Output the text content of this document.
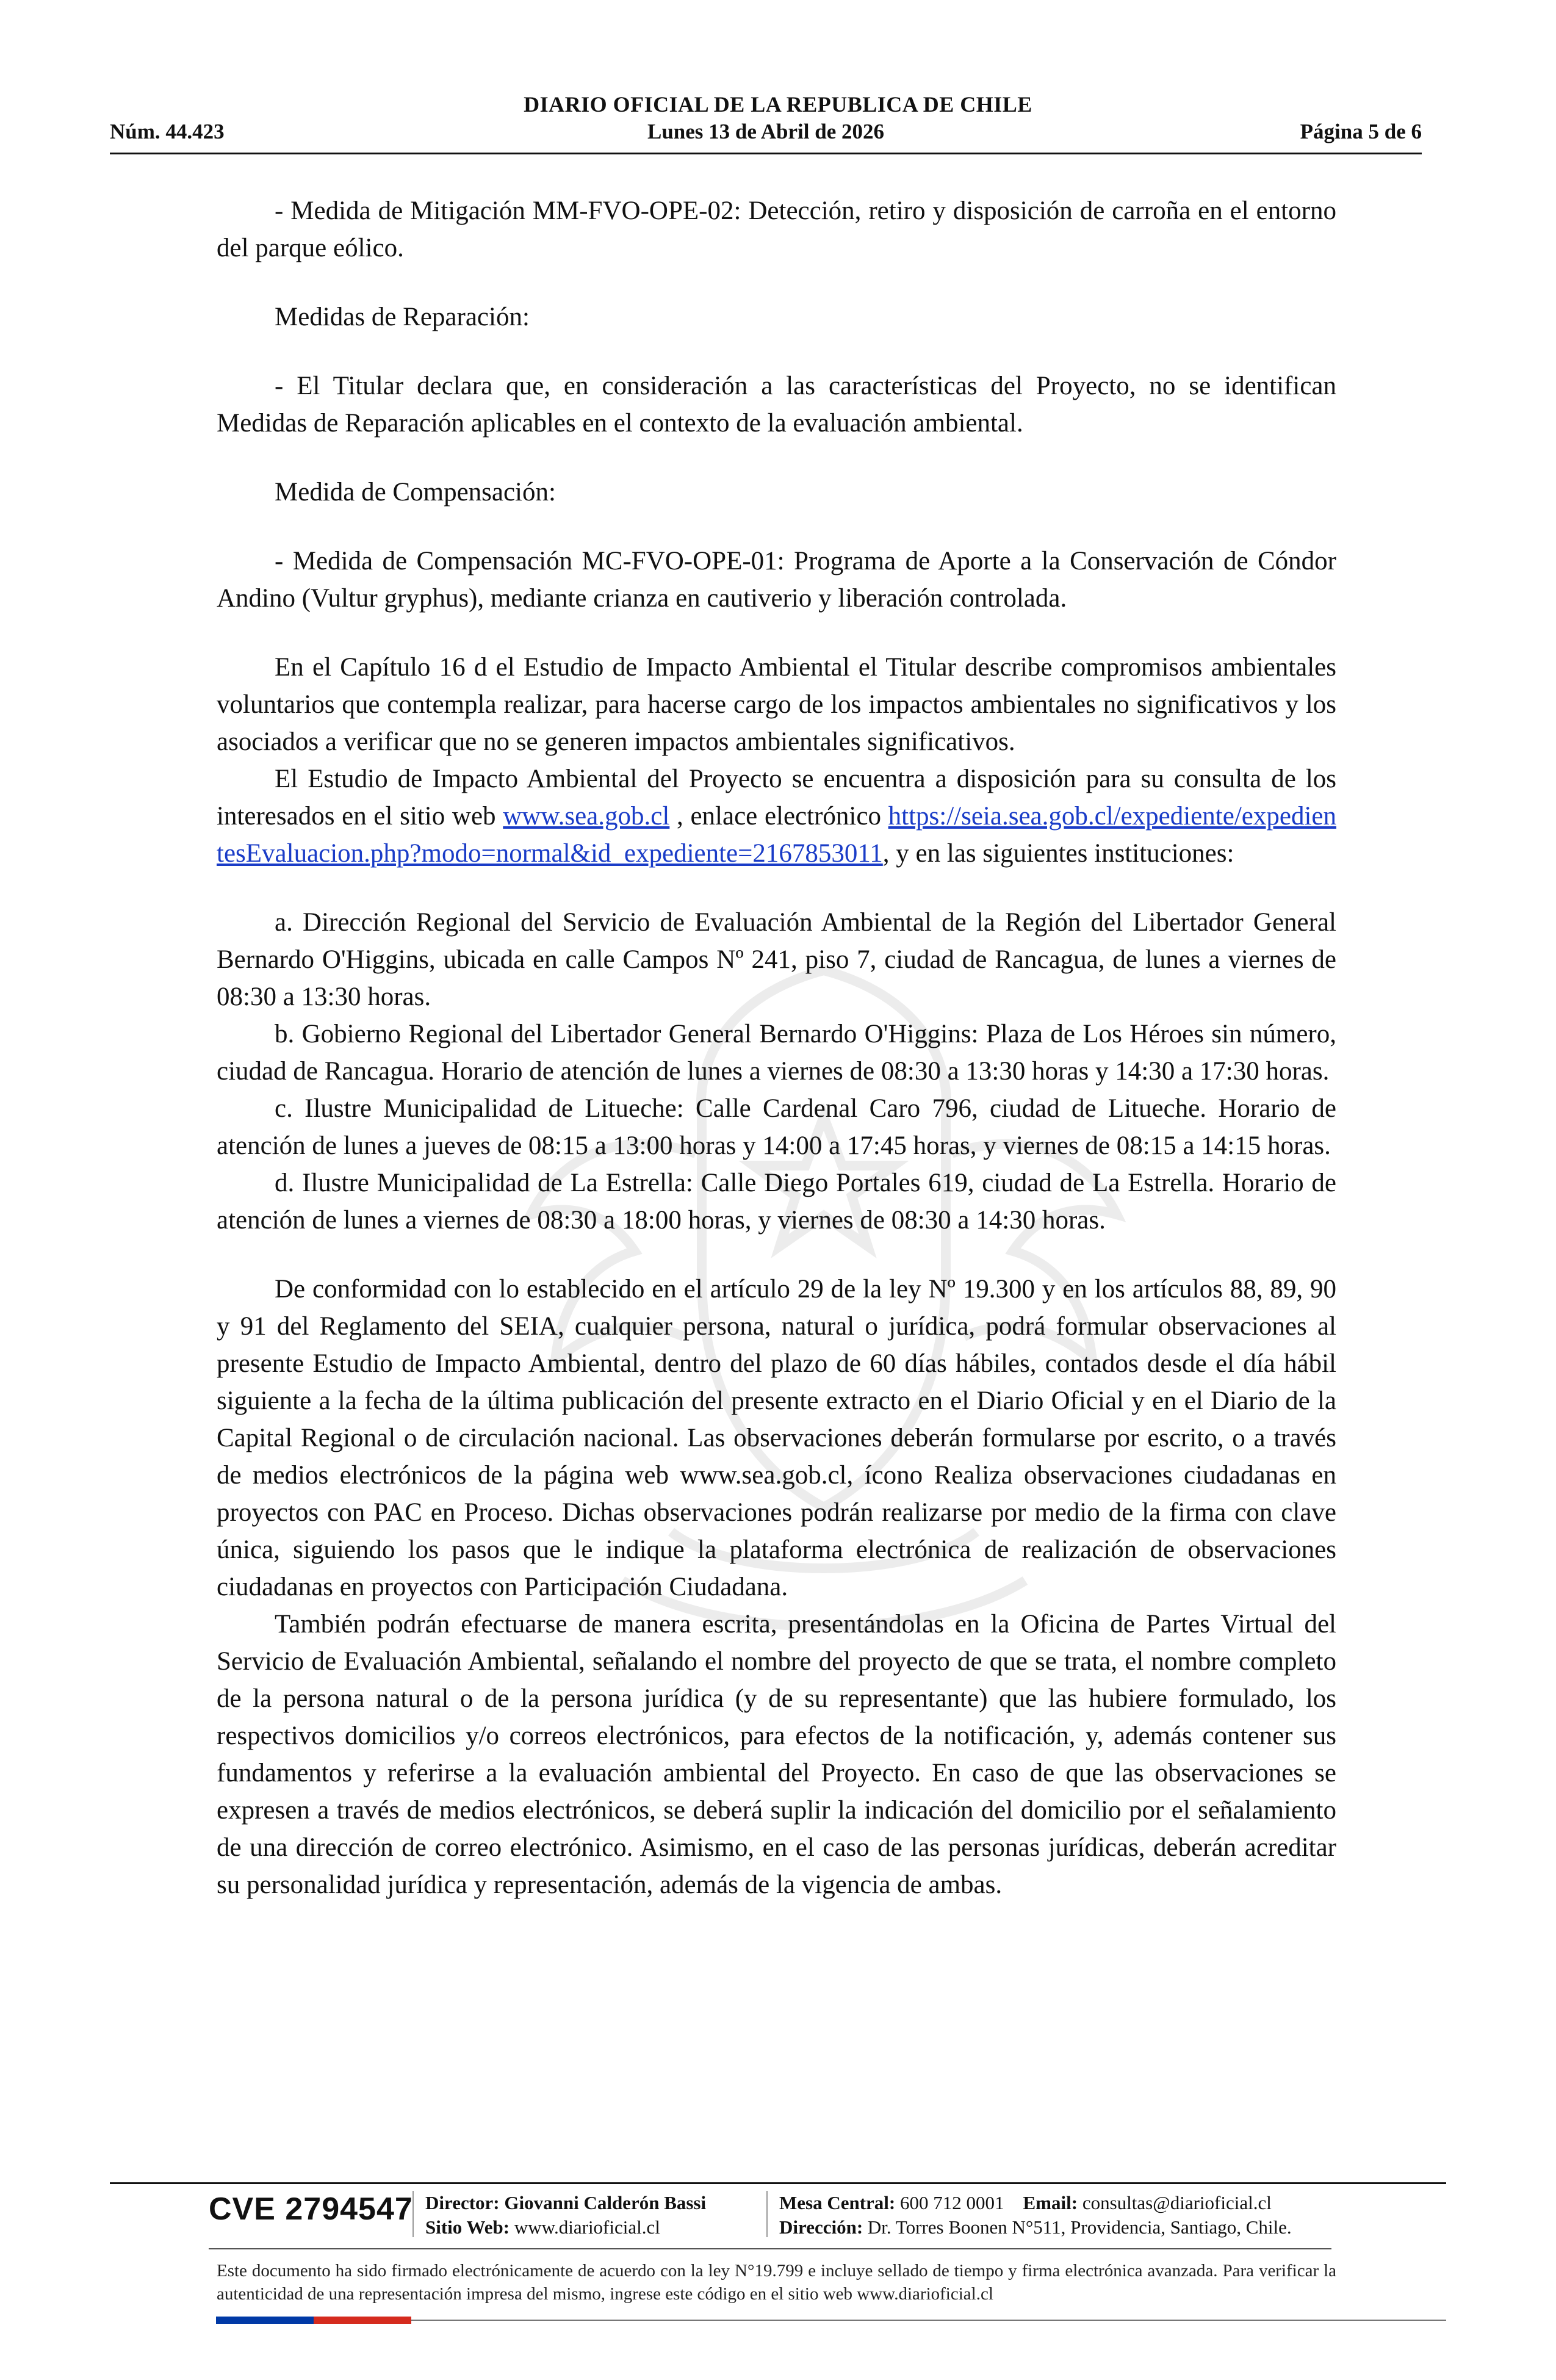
DIARIO OFICIAL DE LA REPUBLICA DE CHILE
Núm. 44.423	Lunes 13 de Abril de 2026	Página 5 de 6

- Medida de Mitigación MM-FVO-OPE-02: Detección, retiro y disposición de carroña en el entorno del parque eólico.

Medidas de Reparación:

- El Titular declara que, en consideración a las características del Proyecto, no se identifican Medidas de Reparación aplicables en el contexto de la evaluación ambiental.

Medida de Compensación:

- Medida de Compensación MC-FVO-OPE-01: Programa de Aporte a la Conservación de Cóndor Andino (Vultur gryphus), mediante crianza en cautiverio y liberación controlada.

En el Capítulo 16 d el Estudio de Impacto Ambiental el Titular describe compromisos ambientales voluntarios que contempla realizar, para hacerse cargo de los impactos ambientales no significativos y los asociados a verificar que no se generen impactos ambientales significativos.

El Estudio de Impacto Ambiental del Proyecto se encuentra a disposición para su consulta de los interesados en el sitio web www.sea.gob.cl , enlace electrónico https://seia.sea.gob.cl/expediente/expedientesEvaluacion.php?modo=normal&id_expediente=2167853011, y en las siguientes instituciones:

a. Dirección Regional del Servicio de Evaluación Ambiental de la Región del Libertador General Bernardo O'Higgins, ubicada en calle Campos Nº 241, piso 7, ciudad de Rancagua, de lunes a viernes de 08:30 a 13:30 horas.

b. Gobierno Regional del Libertador General Bernardo O'Higgins: Plaza de Los Héroes sin número, ciudad de Rancagua. Horario de atención de lunes a viernes de 08:30 a 13:30 horas y 14:30 a 17:30 horas.

c. Ilustre Municipalidad de Litueche: Calle Cardenal Caro 796, ciudad de Litueche. Horario de atención de lunes a jueves de 08:15 a 13:00 horas y 14:00 a 17:45 horas, y viernes de 08:15 a 14:15 horas.

d. Ilustre Municipalidad de La Estrella: Calle Diego Portales 619, ciudad de La Estrella. Horario de atención de lunes a viernes de 08:30 a 18:00 horas, y viernes de 08:30 a 14:30 horas.

De conformidad con lo establecido en el artículo 29 de la ley Nº 19.300 y en los artículos 88, 89, 90 y 91 del Reglamento del SEIA, cualquier persona, natural o jurídica, podrá formular observaciones al presente Estudio de Impacto Ambiental, dentro del plazo de 60 días hábiles, contados desde el día hábil siguiente a la fecha de la última publicación del presente extracto en el Diario Oficial y en el Diario de la Capital Regional o de circulación nacional. Las observaciones deberán formularse por escrito, o a través de medios electrónicos de la página web www.sea.gob.cl, ícono Realiza observaciones ciudadanas en proyectos con PAC en Proceso. Dichas observaciones podrán realizarse por medio de la firma con clave única, siguiendo los pasos que le indique la plataforma electrónica de realización de observaciones ciudadanas en proyectos con Participación Ciudadana.

También podrán efectuarse de manera escrita, presentándolas en la Oficina de Partes Virtual del Servicio de Evaluación Ambiental, señalando el nombre del proyecto de que se trata, el nombre completo de la persona natural o de la persona jurídica (y de su representante) que las hubiere formulado, los respectivos domicilios y/o correos electrónicos, para efectos de la notificación, y, además contener sus fundamentos y referirse a la evaluación ambiental del Proyecto. En caso de que las observaciones se expresen a través de medios electrónicos, se deberá suplir la indicación del domicilio por el señalamiento de una dirección de correo electrónico. Asimismo, en el caso de las personas jurídicas, deberán acreditar su personalidad jurídica y representación, además de la vigencia de ambas.

CVE 2794547 Director: Giovanni Calderón Bassi
Sitio Web: www.diarioficial.cl
Mesa Central: 600 712 0001 Email: consultas@diarioficial.cl
Dirección: Dr. Torres Boonen N°511, Providencia, Santiago, Chile.
Este documento ha sido firmado electrónicamente de acuerdo con la ley N°19.799 e incluye sellado de tiempo y firma electrónica avanzada. Para verificar la autenticidad de una representación impresa del mismo, ingrese este código en el sitio web www.diarioficial.cl
